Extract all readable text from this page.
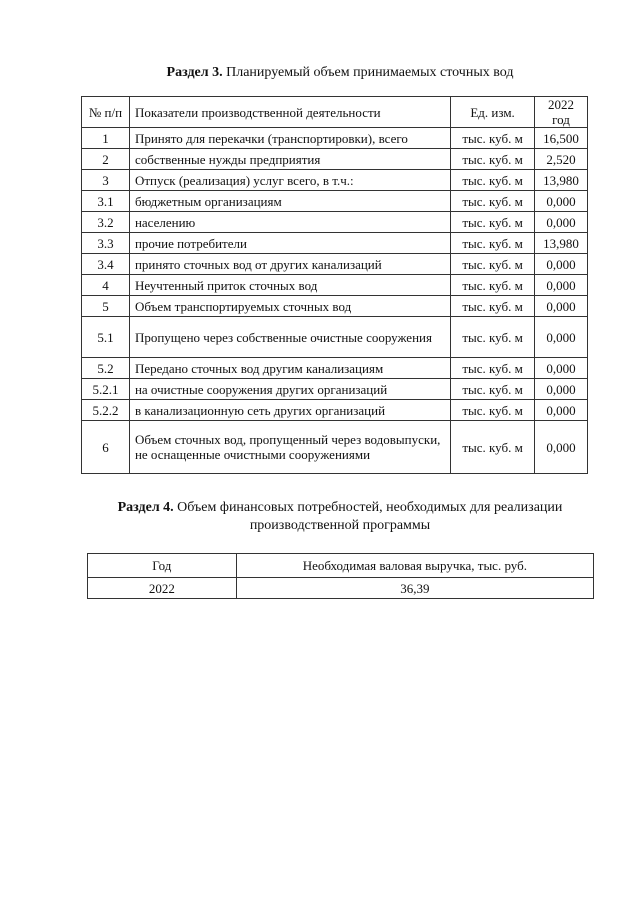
Раздел 3. Планируемый объем принимаемых сточных вод
№ п/п	Показатели производственной деятельности	Ед. изм.	2022 год
1	Принято для перекачки (транспортировки), всего	тыс. куб. м	16,500
2	собственные нужды предприятия	тыс. куб. м	2,520
3	Отпуск (реализация) услуг всего, в т.ч.:	тыс. куб. м	13,980
3.1	бюджетным организациям	тыс. куб. м	0,000
3.2	населению	тыс. куб. м	0,000
3.3	прочие потребители	тыс. куб. м	13,980
3.4	принято сточных вод от других канализаций	тыс. куб. м	0,000
4	Неучтенный приток сточных вод	тыс. куб. м	0,000
5	Объем транспортируемых сточных вод	тыс. куб. м	0,000
5.1	Пропущено через собственные очистные сооружения	тыс. куб. м	0,000
5.2	Передано сточных вод другим канализациям	тыс. куб. м	0,000
5.2.1	на очистные сооружения других организаций	тыс. куб. м	0,000
5.2.2	в канализационную сеть других организаций	тыс. куб. м	0,000
6	Объем сточных вод, пропущенный через водовыпуски, не оснащенные очистными сооружениями	тыс. куб. м	0,000
Раздел 4. Объем финансовых потребностей, необходимых для реализации
производственной программы
Год	Необходимая валовая выручка, тыс. руб.
2022	36,39
